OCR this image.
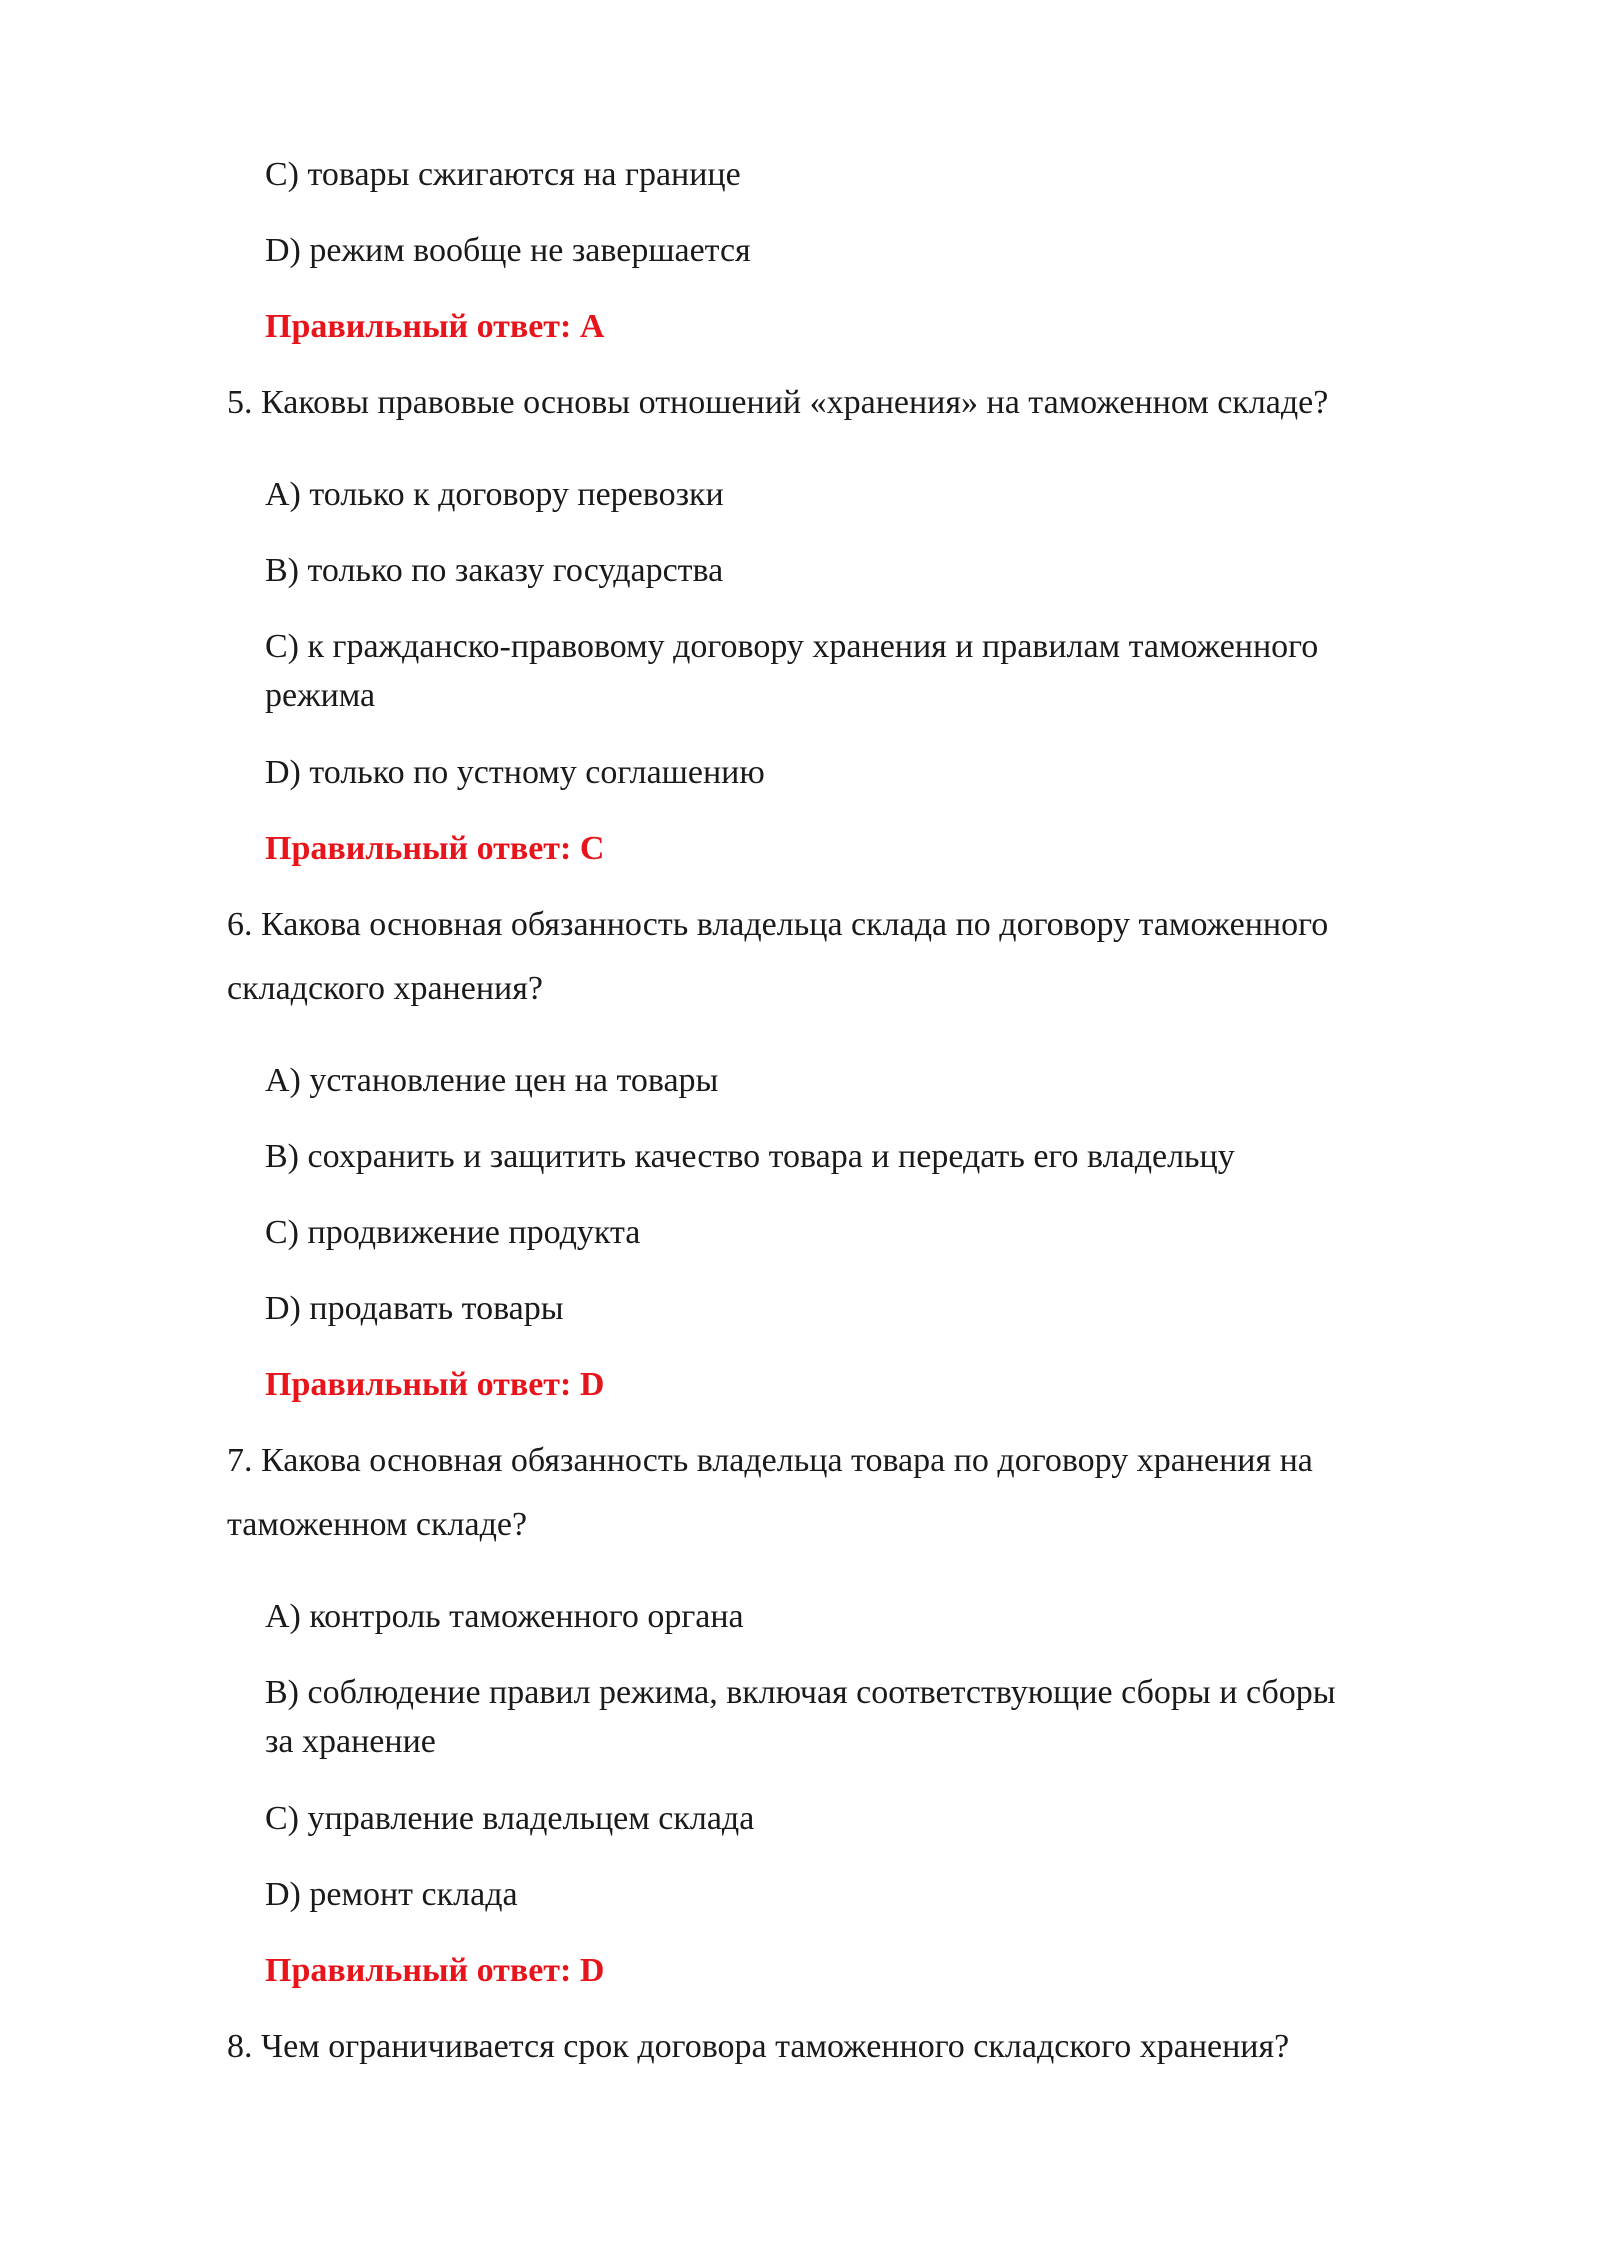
C) товары сжигаются на границе

D) режим вообще не завершается

Правильный ответ: A

5. Каковы правовые основы отношений «хранения» на таможенном складе?

A) только к договору перевозки

B) только по заказу государства

C) к гражданско-правовому договору хранения и правилам таможенного

режима

D) только по устному соглашению

Правильный ответ: C

6. Какова основная обязанность владельца склада по договору таможенного

складского хранения?

A) установление цен на товары

B) сохранить и защитить качество товара и передать его владельцу

C) продвижение продукта

D) продавать товары

Правильный ответ: D

7. Какова основная обязанность владельца товара по договору хранения на

таможенном складе?

A) контроль таможенного органа

B) соблюдение правил режима, включая соответствующие сборы и сборы

за хранение

C) управление владельцем склада

D) ремонт склада

Правильный ответ: D

8. Чем ограничивается срок договора таможенного складского хранения?
